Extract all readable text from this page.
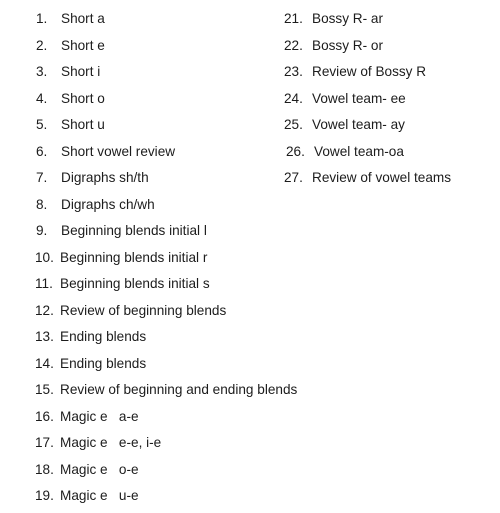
1. Short a
2. Short e
3. Short i
4. Short o
5. Short u
6. Short vowel review
7. Digraphs sh/th
8. Digraphs ch/wh
9. Beginning blends initial l
10. Beginning blends initial r
11. Beginning blends initial s
12. Review of beginning blends
13. Ending blends
14. Ending blends
15. Review of beginning and ending blends
16. Magic e   a-e
17. Magic e   e-e, i-e
18. Magic e   o-e
19. Magic e   u-e
21. Bossy R- ar
22. Bossy R- or
23. Review of Bossy R
24. Vowel team- ee
25. Vowel team- ay
26. Vowel team-oa
27. Review of vowel teams
